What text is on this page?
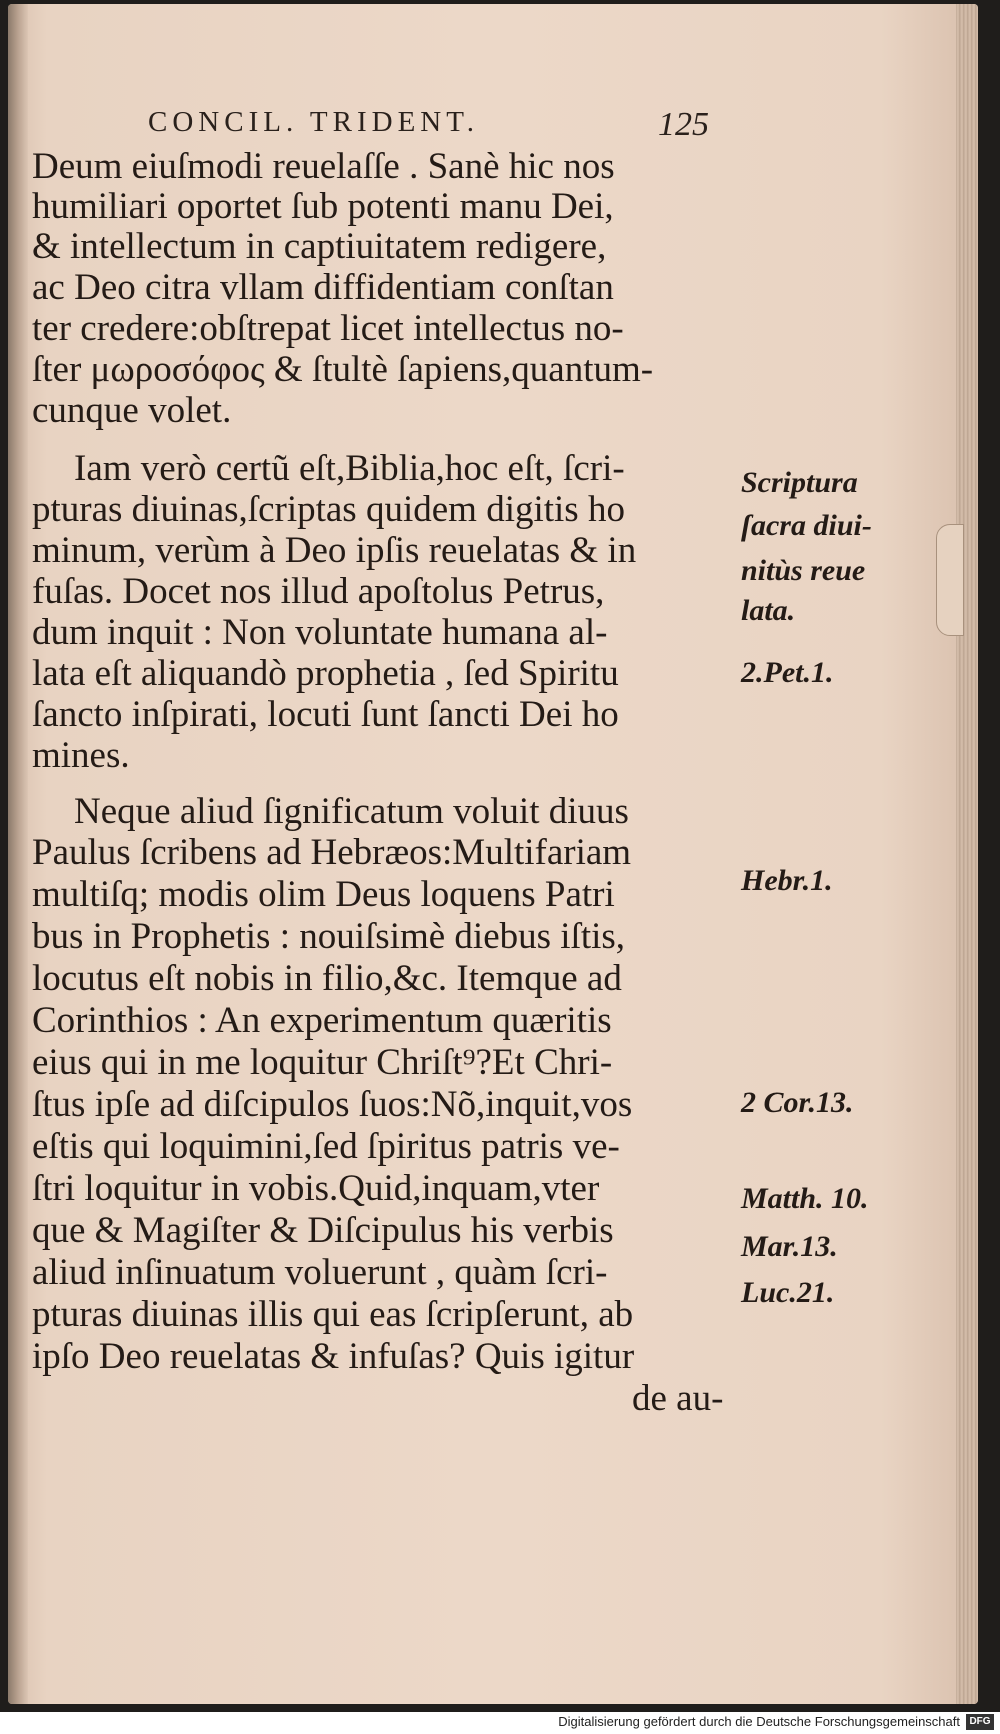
CONCIL. TRIDENT.	125
Deum eiuſmodi reuelaſſe . Sanè hic nos
humiliari oportet ſub potenti manu Dei,
& intellectum in captiuitatem redigere,
ac Deo citra vllam diffidentiam conſtan
ter credere:obſtrepat licet intellectus no-
ſter μωρoσόφος & ſtultè ſapiens,quantum-
cunque volet.
Iam verò certũ eſt,Biblia,hoc eſt, ſcri-
pturas diuinas,ſcriptas quidem digitis ho
minum, verùm à Deo ipſis reuelatas & in
fuſas. Docet nos illud apoſtolus Petrus,
dum inquit : Non voluntate humana al-
lata eſt aliquandò prophetia , ſed Spiritu
ſancto inſpirati, locuti ſunt ſancti Dei ho
mines.
Neque aliud ſignificatum voluit diuus
Paulus ſcribens ad Hebræos:Multifariam
multiſq; modis olim Deus loquens Patri
bus in Prophetis : nouiſsimè diebus iſtis,
locutus eſt nobis in filio,&c. Itemque ad
Corinthios : An experimentum quæritis
eius qui in me loquitur Chriſt⁹?Et Chri-
ſtus ipſe ad diſcipulos ſuos:Nõ,inquit,vos
eſtis qui loquimini,ſed ſpiritus patris ve-
ſtri loquitur in vobis.Quid,inquam,vter
que & Magiſter & Diſcipulus his verbis
aliud inſinuatum voluerunt , quàm ſcri-
pturas diuinas illis qui eas ſcripſerunt, ab
ipſo Deo reuelatas & infuſas? Quis igitur
de au-
Scriptura
ſacra diui-
nitùs reue
lata.
2.Pet.1.
Hebr.1.
2 Cor.13.
Matth. 10.
Mar.13.
Luc.21.
Digitalisierung gefördert durch die Deutsche Forschungsgemeinschaft DFG
